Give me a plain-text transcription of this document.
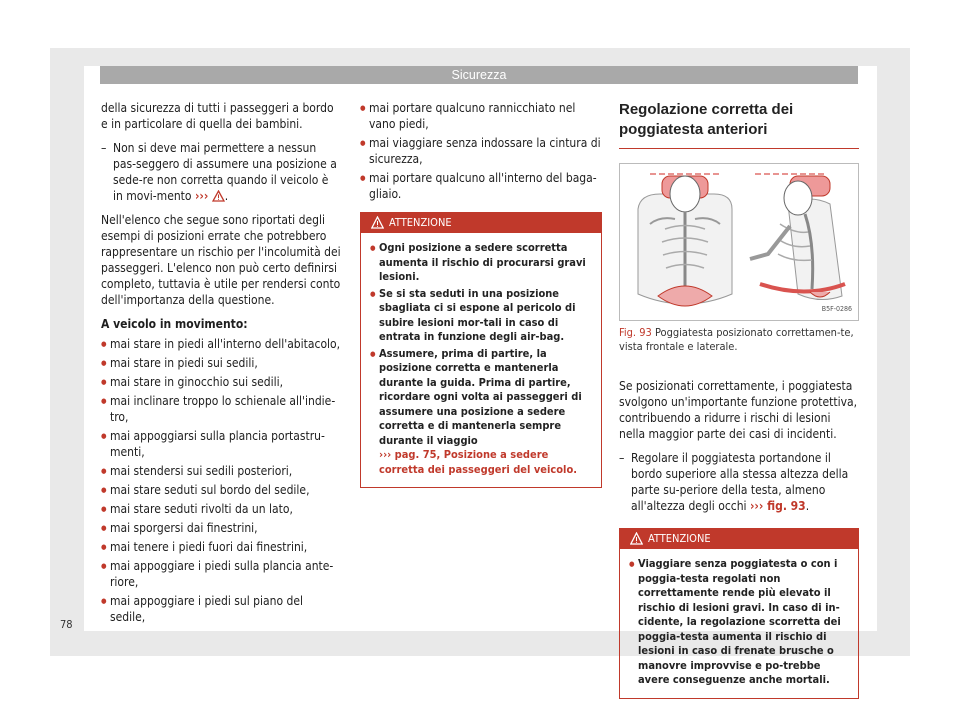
Sicurezza

della sicurezza di tutti i passeggeri a bordo e in particolare di quella dei bambini.

– Non si deve mai permettere a nessun pas-seggero di assumere una posizione a sede-re non corretta quando il veicolo è in movi-mento ››› .

Nell'elenco che segue sono riportati degli esempi di posizioni errate che potrebbero rappresentare un rischio per l'incolumità dei passeggeri. L'elenco non può certo definirsi completo, tuttavia è utile per rendersi conto dell'importanza della questione.

A veicolo in movimento:
● mai stare in piedi all'interno dell'abitacolo,
● mai stare in piedi sui sedili,
● mai stare in ginocchio sui sedili,
● mai inclinare troppo lo schienale all'indie-tro,
● mai appoggiarsi sulla plancia portastru-menti,
● mai stendersi sui sedili posteriori,
● mai stare seduti sul bordo del sedile,
● mai stare seduti rivolti da un lato,
● mai sporgersi dai finestrini,
● mai tenere i piedi fuori dai finestrini,
● mai appoggiare i piedi sulla plancia ante-riore,
● mai appoggiare i piedi sul piano del sedile,
● mai portare qualcuno rannicchiato nel vano piedi,
● mai viaggiare senza indossare la cintura di sicurezza,
● mai portare qualcuno all'interno del baga-gliaio.
ATTENZIONE
● Ogni posizione a sedere scorretta aumenta il rischio di procurarsi gravi lesioni.
● Se si sta seduti in una posizione sbagliata ci si espone al pericolo di subire lesioni mor-tali in caso di entrata in funzione degli air-bag.
● Assumere, prima di partire, la posizione corretta e mantenerla durante la guida. Prima di partire, ricordare ogni volta ai passeggeri di assumere una posizione a sedere corretta e di mantenerla sempre durante il viaggio
››› pag. 75, Posizione a sedere corretta dei passeggeri del veicolo.
Regolazione corretta dei poggiatesta anteriori
B5F-0286
Fig. 93 Poggiatesta posizionato correttamen-te, vista frontale e laterale.

Se posizionati correttamente, i poggiatesta svolgono un'importante funzione protettiva, contribuendo a ridurre i rischi di lesioni nella maggior parte dei casi di incidenti.

– Regolare il poggiatesta portandone il bordo superiore alla stessa altezza della parte su-periore della testa, almeno all'altezza degli occhi ››› fig. 93.
ATTENZIONE
● Viaggiare senza poggiatesta o con i poggia-testa regolati non correttamente rende più elevato il rischio di lesioni gravi. In caso di in-cidente, la regolazione scorretta dei poggia-testa aumenta il rischio di lesioni in caso di frenate brusche o manovre improvvise e po-trebbe avere conseguenze anche mortali.
78
